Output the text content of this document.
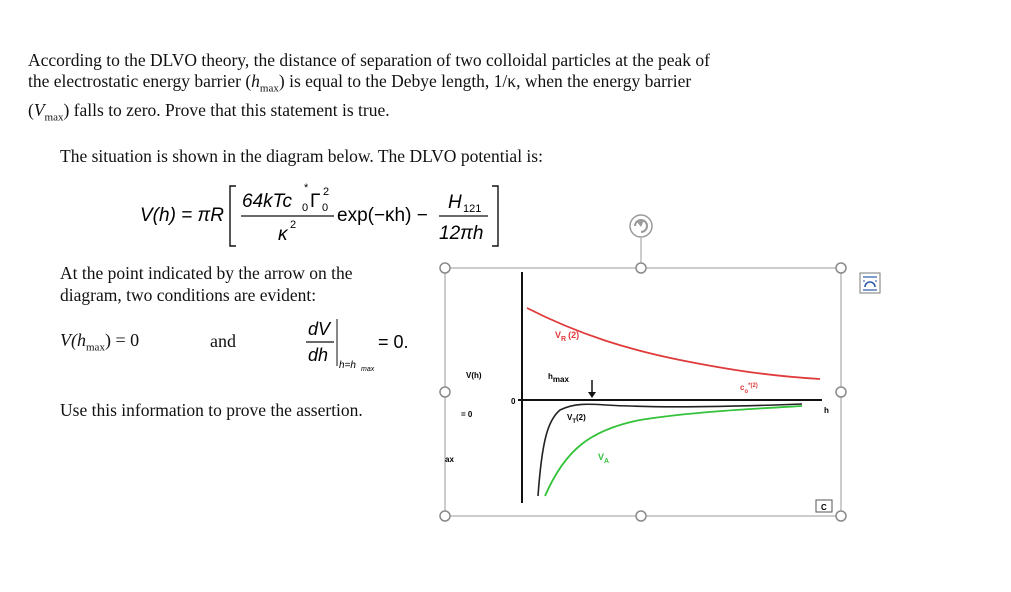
According to the DLVO theory, the distance of separation of two colloidal particles at the peak of

the electrostatic energy barrier $(h_{max})$ is equal to the Debye length, 1/κ, when the energy barrier

$(V_{max})$ falls to zero. Prove that this statement is true.

The situation is shown in the diagram below. The DLVO potential is:
V(h) = πR
64kTc
*
0 Γ 2
0
κ 2 exp(−κh) −
H 121
12πh
At the point indicated by the arrow on the
diagram, two conditions are evident:
$V(h_{max}) = 0$	and
dV
dh
h=h max
= 0.
Use this information to prove the assertion.
$V_R$ (2)
V(h)	hmax
$c_o^{*(2)}$
0
= 0	h
$V_T(2)$
$V_A$
ax
C
